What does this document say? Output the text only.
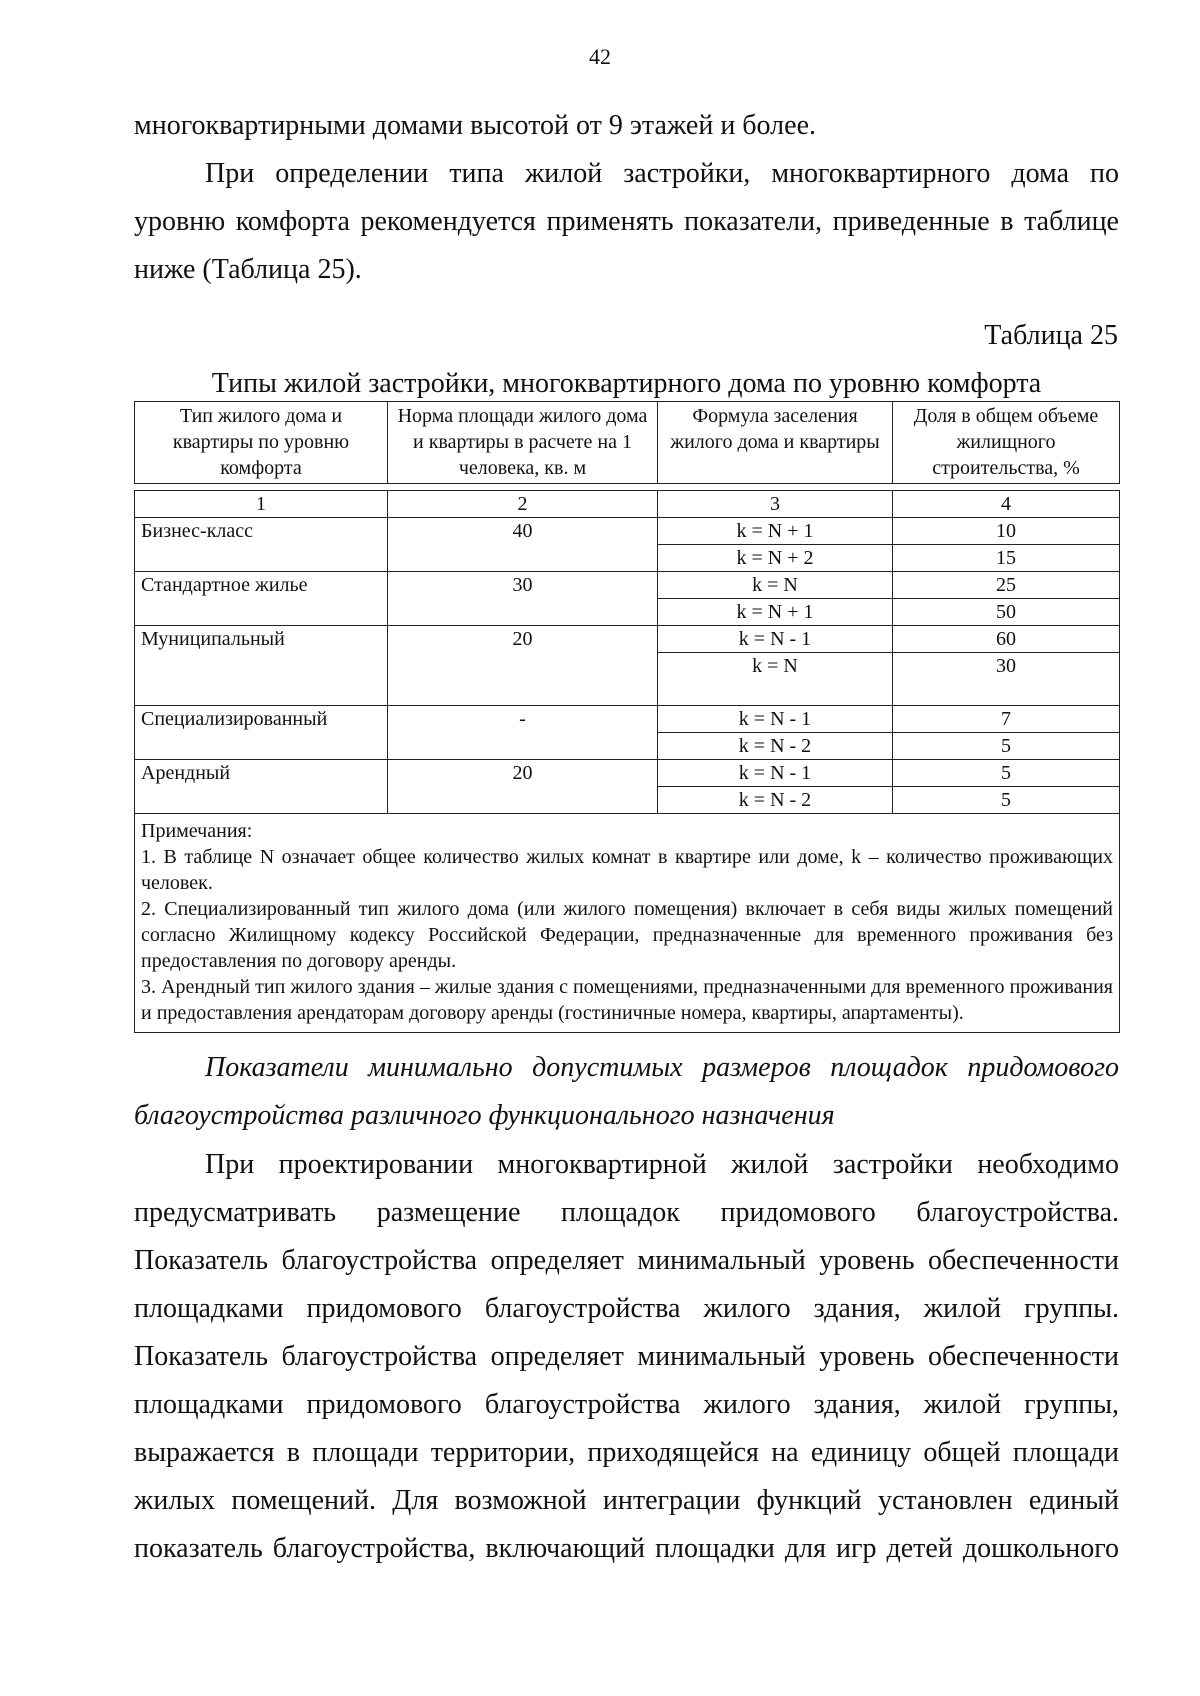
42

многоквартирными домами высотой от 9 этажей и более.

При определении типа жилой застройки, многоквартирного дома по уровню комфорта рекомендуется применять показатели, приведенные в таблице ниже (Таблица 25).

Таблица 25
Типы жилой застройки, многоквартирного дома по уровню комфорта
Тип жилого дома и квартиры по уровню комфорта	Норма площади жилого дома и квартиры в расчете на 1 человека, кв. м	Формула заселения жилого дома и квартиры	Доля в общем объеме жилищного строительства, %

1	2	3	4
Бизнес-класс	40	k = N + 1	10
		k = N + 2	15
Стандартное жилье	30	k = N	25
		k = N + 1	50
Муниципальный	20	k = N - 1	60
		k = N	30
Специализированный	-	k = N - 1	7
		k = N - 2	5
Арендный	20	k = N - 1	5
		k = N - 2	5

Примечания:

1. В таблице N означает общее количество жилых комнат в квартире или доме, k – количество проживающих человек.

2. Специализированный тип жилого дома (или жилого помещения) включает в себя виды жилых помещений согласно Жилищному кодексу Российской Федерации, предназначенные для временного проживания без предоставления по договору аренды.

3. Арендный тип жилого здания – жилые здания с помещениями, предназначенными для временного проживания и предоставления арендаторам договору аренды (гостиничные номера, квартиры, апартаменты).			

Показатели минимально допустимых размеров площадок придомового благоустройства различного функционального назначения

При проектировании многоквартирной жилой застройки необходимо предусматривать размещение площадок придомового благоустройства. Показатель благоустройства определяет минимальный уровень обеспеченности площадками придомового благоустройства жилого здания, жилой группы. Показатель благоустройства определяет минимальный уровень обеспеченности площадками придомового благоустройства жилого здания, жилой группы, выражается в площади территории, приходящейся на единицу общей площади жилых помещений. Для возможной интеграции функций установлен единый показатель благоустройства, включающий площадки для игр детей дошкольного
